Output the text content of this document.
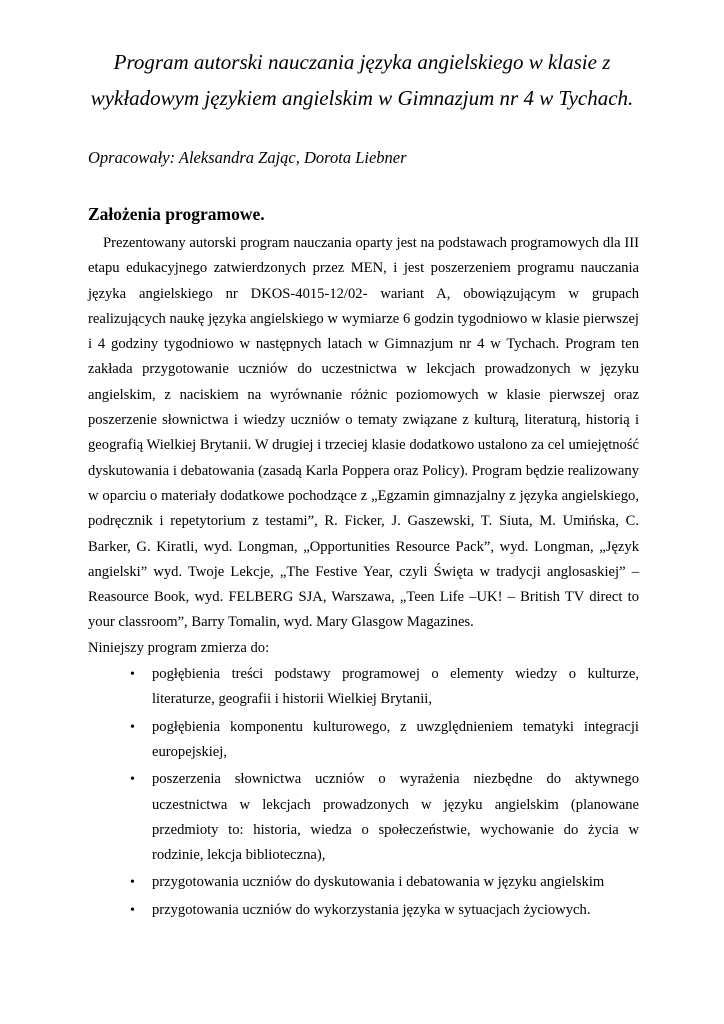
Program autorski nauczania języka angielskiego w klasie z
wykładowym językiem angielskim w Gimnazjum nr 4 w Tychach.
Opracowały: Aleksandra Zając, Dorota Liebner
Założenia programowe.

Prezentowany autorski program nauczania oparty jest na podstawach programowych dla III etapu edukacyjnego zatwierdzonych przez MEN, i jest poszerzeniem programu nauczania języka angielskiego nr DKOS-4015-12/02- wariant A, obowiązującym w grupach realizujących naukę języka angielskiego w wymiarze 6 godzin tygodniowo w klasie pierwszej i 4 godziny tygodniowo w następnych latach w Gimnazjum nr 4 w Tychach. Program ten zakłada przygotowanie uczniów do uczestnictwa w lekcjach prowadzonych w języku angielskim, z naciskiem na wyrównanie różnic poziomowych w klasie pierwszej oraz poszerzenie słownictwa i wiedzy uczniów o tematy związane z kulturą, literaturą, historią i geografią Wielkiej Brytanii. W drugiej i trzeciej klasie dodatkowo ustalono za cel umiejętność dyskutowania i debatowania (zasadą Karla Poppera oraz Policy). Program będzie realizowany w oparciu o materiały dodatkowe pochodzące z „Egzamin gimnazjalny z języka angielskiego, podręcznik i repetytorium z testami”, R. Ficker, J. Gaszewski, T. Siuta, M. Umińska, C. Barker, G. Kiratli, wyd. Longman, „Opportunities Resource Pack”, wyd. Longman, „Język angielski” wyd. Twoje Lekcje, „The Festive Year, czyli Święta w tradycji anglosaskiej” – Reasource Book, wyd. FELBERG SJA, Warszawa, „Teen Life –UK! – British TV direct to your classroom”, Barry Tomalin, wyd. Mary Glasgow Magazines.

Niniejszy program zmierza do:
• pogłębienia treści podstawy programowej o elementy wiedzy o kulturze, literaturze, geografii i historii Wielkiej Brytanii,
• pogłębienia komponentu kulturowego, z uwzględnieniem tematyki integracji europejskiej,
• poszerzenia słownictwa uczniów o wyrażenia niezbędne do aktywnego uczestnictwa w lekcjach prowadzonych w języku angielskim (planowane przedmioty to: historia, wiedza o społeczeństwie, wychowanie do życia w rodzinie, lekcja biblioteczna),
• przygotowania uczniów do dyskutowania i debatowania w języku angielskim
• przygotowania uczniów do wykorzystania języka w sytuacjach życiowych.
